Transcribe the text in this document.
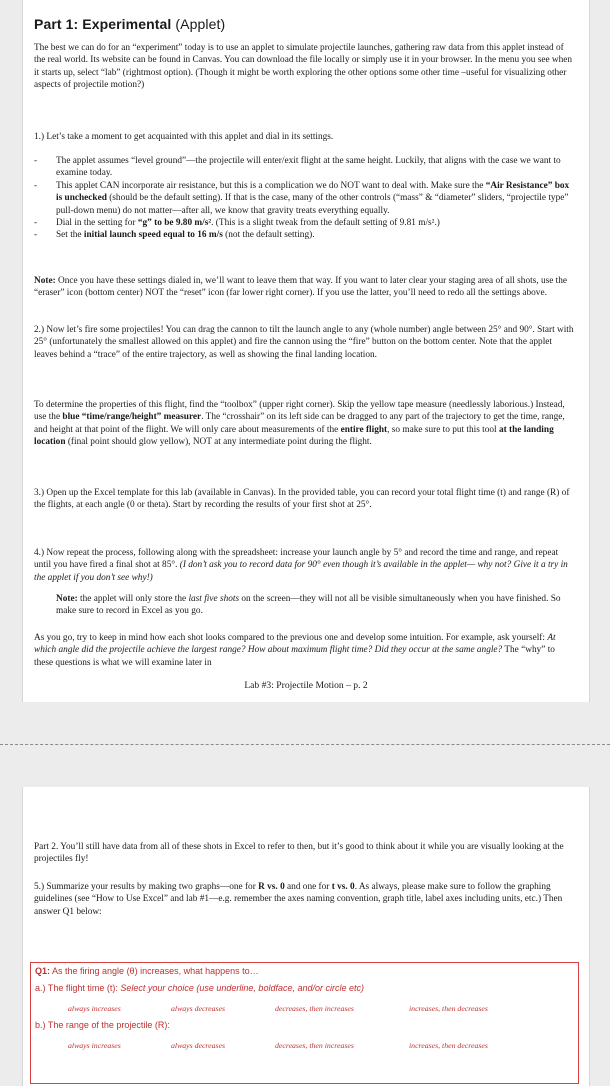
Part 1: Experimental (Applet)

The best we can do for an “experiment” today is to use an applet to simulate projectile launches, gathering raw data from this applet instead of the real world. Its website can be found in Canvas. You can download the file locally or simply use it in your browser. In the menu you see when it starts up, select “lab” (rightmost option). (Though it might be worth exploring the other options some other time –useful for visualizing other aspects of projectile motion?)

1.) Let’s take a moment to get acquainted with this applet and dial in its settings.

- The applet assumes “level ground”—the projectile will enter/exit flight at the same height. Luckily, that aligns with the case we want to examine today.
- This applet CAN incorporate air resistance, but this is a complication we do NOT want to deal with. Make sure the “Air Resistance” box is unchecked (should be the default setting). If that is the case, many of the other controls (“mass” & “diameter” sliders, “projectile type” pull-down menu) do not matter—after all, we know that gravity treats everything equally.
- Dial in the setting for “g” to be 9.80 m/s². (This is a slight tweak from the default setting of 9.81 m/s².)
- Set the initial launch speed equal to 16 m/s (not the default setting).

Note: Once you have these settings dialed in, we’ll want to leave them that way. If you want to later clear your staging area of all shots, use the “eraser” icon (bottom center) NOT the “reset” icon (far lower right corner). If you use the latter, you’ll need to redo all the settings above.

2.) Now let’s fire some projectiles! You can drag the cannon to tilt the launch angle to any (whole number) angle between 25° and 90°. Start with 25° (unfortunately the smallest allowed on this applet) and fire the cannon using the “fire” button on the bottom center. Note that the applet leaves behind a “trace” of the entire trajectory, as well as showing the final landing location.

To determine the properties of this flight, find the “toolbox” (upper right corner). Skip the yellow tape measure (needlessly laborious.) Instead, use the blue “time/range/height” measurer. The “crosshair” on its left side can be dragged to any part of the trajectory to get the time, range, and height at that point of the flight. We will only care about measurements of the entire flight, so make sure to put this tool at the landing location (final point should glow yellow), NOT at any intermediate point during the flight.

3.) Open up the Excel template for this lab (available in Canvas). In the provided table, you can record your total flight time (t) and range (R) of the flights, at each angle (0 or theta). Start by recording the results of your first shot at 25°.

4.) Now repeat the process, following along with the spreadsheet: increase your launch angle by 5° and record the time and range, and repeat until you have fired a final shot at 85°. (I don’t ask you to record data for 90° even though it’s available in the applet— why not? Give it a try in the applet if you don’t see why!)

Note: the applet will only store the last five shots on the screen—they will not all be visible simultaneously when you have finished. So make sure to record in Excel as you go.

As you go, try to keep in mind how each shot looks compared to the previous one and develop some intuition. For example, ask yourself: At which angle did the projectile achieve the largest range? How about maximum flight time? Did they occur at the same angle? The “why” to these questions is what we will examine later in

Lab #3: Projectile Motion – p. 2

Part 2. You’ll still have data from all of these shots in Excel to refer to then, but it’s good to think about it while you are visually looking at the projectiles fly!

5.) Summarize your results by making two graphs—one for R vs. 0 and one for t vs. 0. As always, please make sure to follow the graphing guidelines (see “How to Use Excel” and lab #1—e.g. remember the axes naming convention, graph title, label axes including units, etc.) Then answer Q1 below:

Q1: As the firing angle (θ) increases, what happens to…
a.) The flight time (t): Select your choice (use underline, boldface, and/or circle etc)
always increases	always decreases	decreases, then increases	increases, then decreases
b.) The range of the projectile (R):
always increases	always decreases	decreases, then increases	increases, then decreases
